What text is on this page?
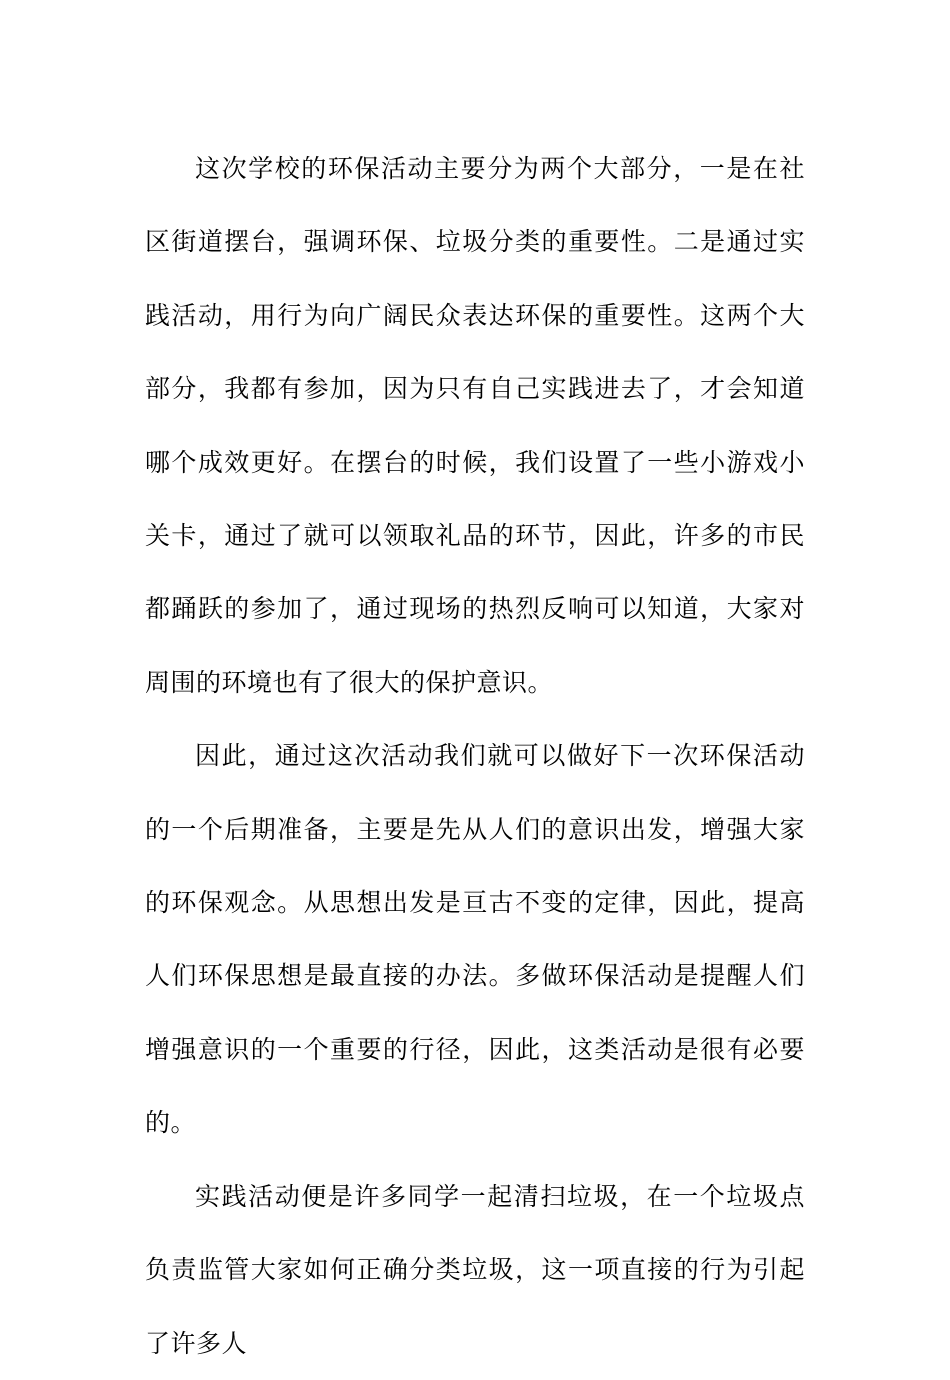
这次学校的环保活动主要分为两个大部分，一是在社区街道摆台，强调环保、垃圾分类的重要性。二是通过实践活动，用行为向广阔民众表达环保的重要性。这两个大部分，我都有参加，因为只有自己实践进去了，才会知道哪个成效更好。在摆台的时候，我们设置了一些小游戏小关卡，通过了就可以领取礼品的环节，因此，许多的市民都踊跃的参加了，通过现场的热烈反响可以知道，大家对周围的环境也有了很大的保护意识。

因此，通过这次活动我们就可以做好下一次环保活动的一个后期准备，主要是先从人们的意识出发，增强大家的环保观念。从思想出发是亘古不变的定律，因此，提高人们环保思想是最直接的办法。多做环保活动是提醒人们增强意识的一个重要的行径，因此，这类活动是很有必要的。

实践活动便是许多同学一起清扫垃圾，在一个垃圾点负责监管大家如何正确分类垃圾，这一项直接的行为引起了许多人
